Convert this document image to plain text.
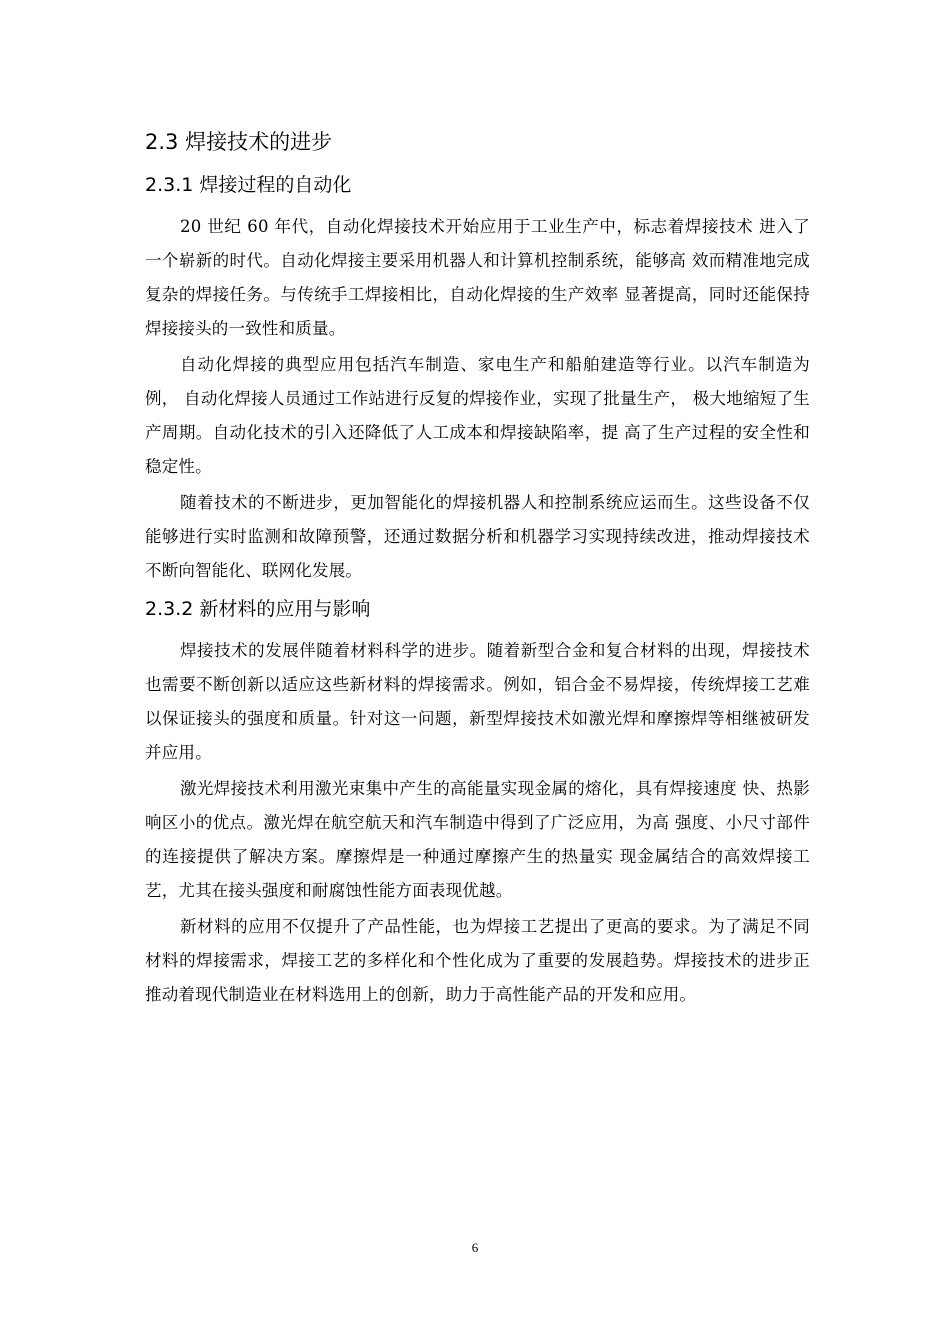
2.3 焊接技术的进步
2.3.1 焊接过程的自动化

20 世纪 60 年代，自动化焊接技术开始应用于工业生产中，标志着焊接技术 进入了一个崭新的时代。自动化焊接主要采用机器人和计算机控制系统，能够高 效而精准地完成复杂的焊接任务。与传统手工焊接相比，自动化焊接的生产效率 显著提高，同时还能保持焊接接头的一致性和质量。

自动化焊接的典型应用包括汽车制造、家电生产和船舶建造等行业。以汽车制造为例， 自动化焊接人员通过工作站进行反复的焊接作业，实现了批量生产， 极大地缩短了生产周期。自动化技术的引入还降低了人工成本和焊接缺陷率，提 高了生产过程的安全性和稳定性。

随着技术的不断进步，更加智能化的焊接机器人和控制系统应运而生。这些设备不仅能够进行实时监测和故障预警，还通过数据分析和机器学习实现持续改进，推动焊接技术不断向智能化、联网化发展。

2.3.2 新材料的应用与影响

焊接技术的发展伴随着材料科学的进步。随着新型合金和复合材料的出现，焊接技术也需要不断创新以适应这些新材料的焊接需求。例如，铝合金不易焊接，传统焊接工艺难以保证接头的强度和质量。针对这一问题，新型焊接技术如激光焊和摩擦焊等相继被研发并应用。

激光焊接技术利用激光束集中产生的高能量实现金属的熔化，具有焊接速度 快、热影响区小的优点。激光焊在航空航天和汽车制造中得到了广泛应用，为高 强度、小尺寸部件的连接提供了解决方案。摩擦焊是一种通过摩擦产生的热量实 现金属结合的高效焊接工艺，尤其在接头强度和耐腐蚀性能方面表现优越。

新材料的应用不仅提升了产品性能，也为焊接工艺提出了更高的要求。为了满足不同材料的焊接需求，焊接工艺的多样化和个性化成为了重要的发展趋势。焊接技术的进步正推动着现代制造业在材料选用上的创新，助力于高性能产品的开发和应用。

6
